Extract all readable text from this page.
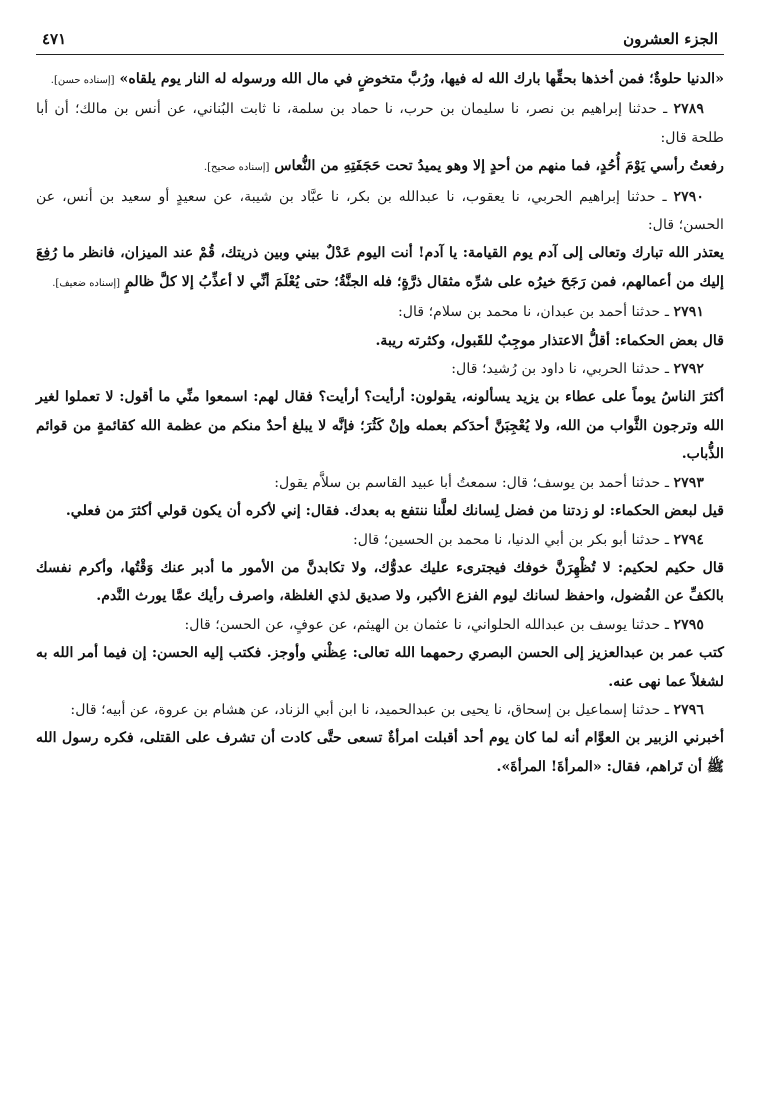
الجزء العشرون
٤٧١

«الدنيا حلوةٌ؛ فمن أخذها بحقِّها بارك الله له فيها، ورُبَّ متخوضٍ في مال الله ورسوله له النار يوم يلقاه» [إسناده حسن].

٢٧٨٩ ـ حدثنا إبراهيم بن نصر، نا سليمان بن حرب، نا حماد بن سلمة، نا ثابت البُناني، عن أنس بن مالك؛ أن أبا طلحة قال:

رفعتُ رأسي يَوْمَ أُحُدٍ، فما منهم من أحدٍ إلا وهو يميدُ تحت حَجَفَتِهِ من النُّعاس [إسناده صحيح].

٢٧٩٠ ـ حدثنا إبراهيم الحربي، نا يعقوب، نا عبدالله بن بكر، نا عبَّاد بن شيبة، عن سعيدٍ أو سعيد بن أنس، عن الحسن؛ قال:

يعتذر الله تبارك وتعالى إلى آدم يوم القيامة: يا آدم! أنت اليوم عَدْلٌ بيني وبين ذريتك، قُمْ عند الميزان، فانظر ما رُفِعَ إليك من أعمالهم، فمن رَجَحَ خيرُه على شرِّه مثقال ذرَّةٍ؛ فله الجنَّةُ؛ حتى يُعْلَمَ أنِّي لا أعذِّبُ إلا كلَّ ظالمٍ [إسناده ضعيف].

٢٧٩١ ـ حدثنا أحمد بن عبدان، نا محمد بن سلام؛ قال:

قال بعض الحكماء: أقلُّ الاعتذار موجِبٌ للقَبول، وكثرته ريبة.

٢٧٩٢ ـ حدثنا الحربي، نا داود بن رُشيد؛ قال:

أكثرَ الناسُ يوماً على عطاء بن يزيد يسألونه، يقولون: أرأيت؟ أرأيت؟ فقال لهم: اسمعوا منِّي ما أقول: لا تعملوا لغير الله وترجون الثَّواب من الله، ولا يُعْجِبَنَّ أحدَكم بعمله وإنْ كَثُرَ؛ فإنَّه لا يبلغ أحدٌ منكم من عظمة الله كقائمةٍ من قوائم الذُّباب.

٢٧٩٣ ـ حدثنا أحمد بن يوسف؛ قال: سمعتُ أبا عبيد القاسم بن سلاَّم يقول:

قيل لبعض الحكماء: لو زدتنا من فضل لِسانك لعلَّنا ننتفع به بعدك. فقال: إني لأكره أن يكون قولي أكثرَ من فعلي.

٢٧٩٤ ـ حدثنا أبو بكر بن أبي الدنيا، نا محمد بن الحسين؛ قال:

قال حكيم لحكيم: لا تُظْهِرَنَّ خوفك فيجترىء عليك عدوُّك، ولا تكابدنَّ من الأمور ما أدبر عنك وَقْتُها، وأكرم نفسك بالكفِّ عن الفُضول، واحفظ لسانك ليوم الفزع الأكبر، ولا صديق لذي الغلظة، واصرف رأيك عمَّا يورث النَّدم.

٢٧٩٥ ـ حدثنا يوسف بن عبدالله الحلواني، نا عثمان بن الهيثم، عن عوفٍ، عن الحسن؛ قال:

كتب عمر بن عبدالعزيز إلى الحسن البصري رحمهما الله تعالى: عِظْني وأوجز. فكتب إليه الحسن: إن فيما أمر الله به لشغلاً عما نهى عنه.

٢٧٩٦ ـ حدثنا إسماعيل بن إسحاق، نا يحيى بن عبدالحميد، نا ابن أبي الزناد، عن هشام بن عروة، عن أبيه؛ قال:

أخبرني الزبير بن العوَّام أنه لما كان يوم أحد أقبلت امرأةٌ تسعى حتَّى كادت أن تشرف على القتلى، فكره رسول الله ﷺ أن تَراهم، فقال: «المرأةَ! المرأةَ».
